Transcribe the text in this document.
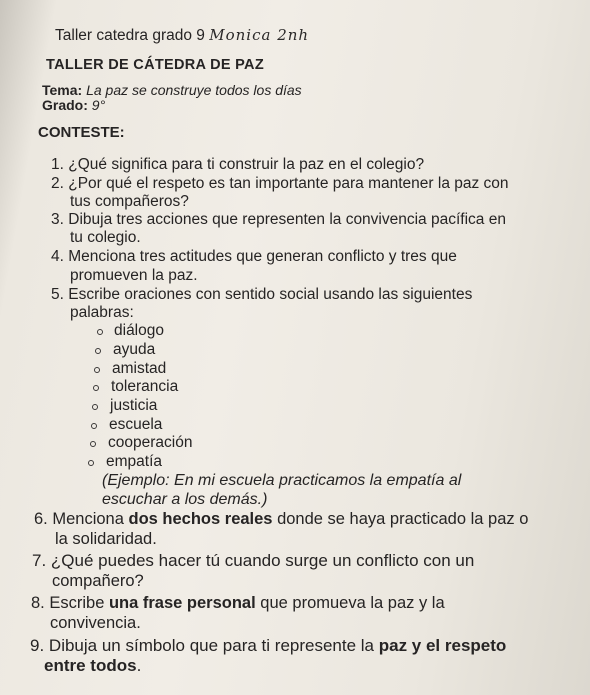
Taller catedra grado 9 Monica 2nh
TALLER DE CÁTEDRA DE PAZ
Tema: La paz se construye todos los días
Grado: 9°
CONTESTE:
1. ¿Qué significa para ti construir la paz en el colegio?
2. ¿Por qué el respeto es tan importante para mantener la paz con
tus compañeros?
3. Dibuja tres acciones que representen la convivencia pacífica en
tu colegio.
4. Menciona tres actitudes que generan conflicto y tres que
promueven la paz.
5. Escribe oraciones con sentido social usando las siguientes
palabras:
diálogo
ayuda
amistad
tolerancia
justicia
escuela
cooperación
empatía
(Ejemplo: En mi escuela practicamos la empatía al
escuchar a los demás.)
6. Menciona dos hechos reales donde se haya practicado la paz o
la solidaridad.
7. ¿Qué puedes hacer tú cuando surge un conflicto con un
compañero?
8. Escribe una frase personal que promueva la paz y la
convivencia.
9. Dibuja un símbolo que para ti represente la paz y el respeto
entre todos.
